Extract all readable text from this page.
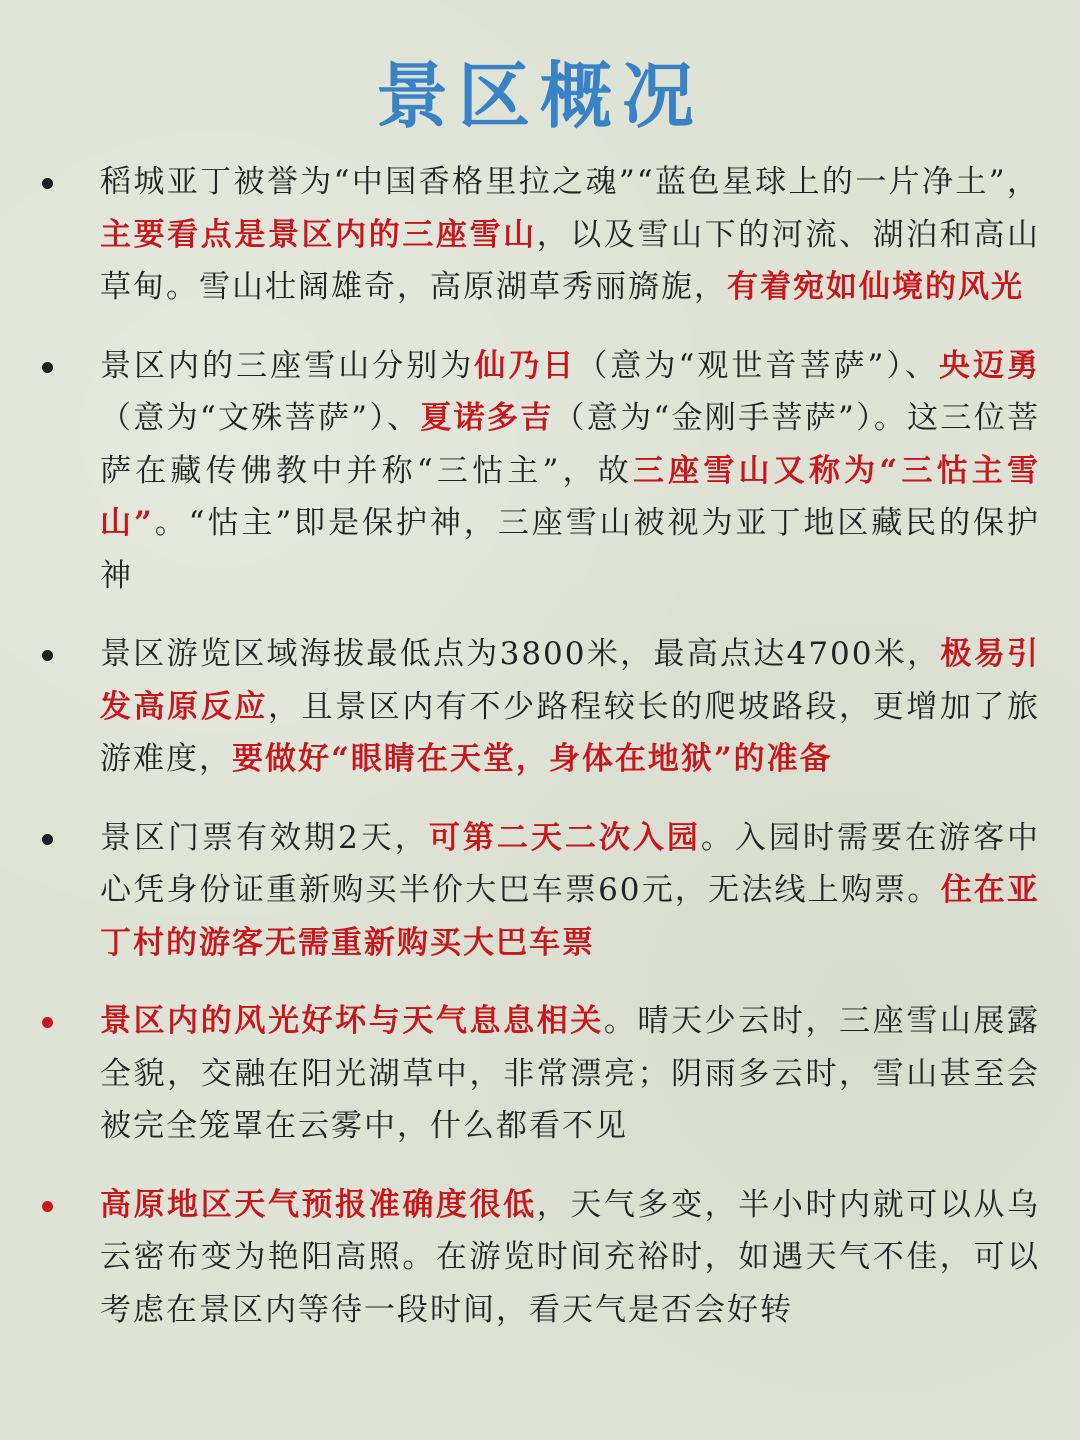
景区概况
稻城亚丁被誉为“中国香格里拉之魂”“蓝色星球上的一片净土”，主要看点是景区内的三座雪山，以及雪山下的河流、湖泊和高山草甸。雪山壮阔雄奇，高原湖草秀丽旖旎，有着宛如仙境的风光
景区内的三座雪山分别为仙乃日（意为“观世音菩萨”）、央迈勇（意为“文殊菩萨”）、夏诺多吉（意为“金刚手菩萨”）。这三位菩萨在藏传佛教中并称“三怙主”，故三座雪山又称为“三怙主雪山”。“怙主”即是保护神，三座雪山被视为亚丁地区藏民的保护神
景区游览区域海拔最低点为3800米，最高点达4700米，极易引发高原反应，且景区内有不少路程较长的爬坡路段，更增加了旅游难度，要做好“眼睛在天堂，身体在地狱”的准备
景区门票有效期2天，可第二天二次入园。入园时需要在游客中心凭身份证重新购买半价大巴车票60元，无法线上购票。住在亚丁村的游客无需重新购买大巴车票
景区内的风光好坏与天气息息相关。晴天少云时，三座雪山展露全貌，交融在阳光湖草中，非常漂亮；阴雨多云时，雪山甚至会被完全笼罩在云雾中，什么都看不见
高原地区天气预报准确度很低，天气多变，半小时内就可以从乌云密布变为艳阳高照。在游览时间充裕时，如遇天气不佳，可以考虑在景区内等待一段时间，看天气是否会好转
